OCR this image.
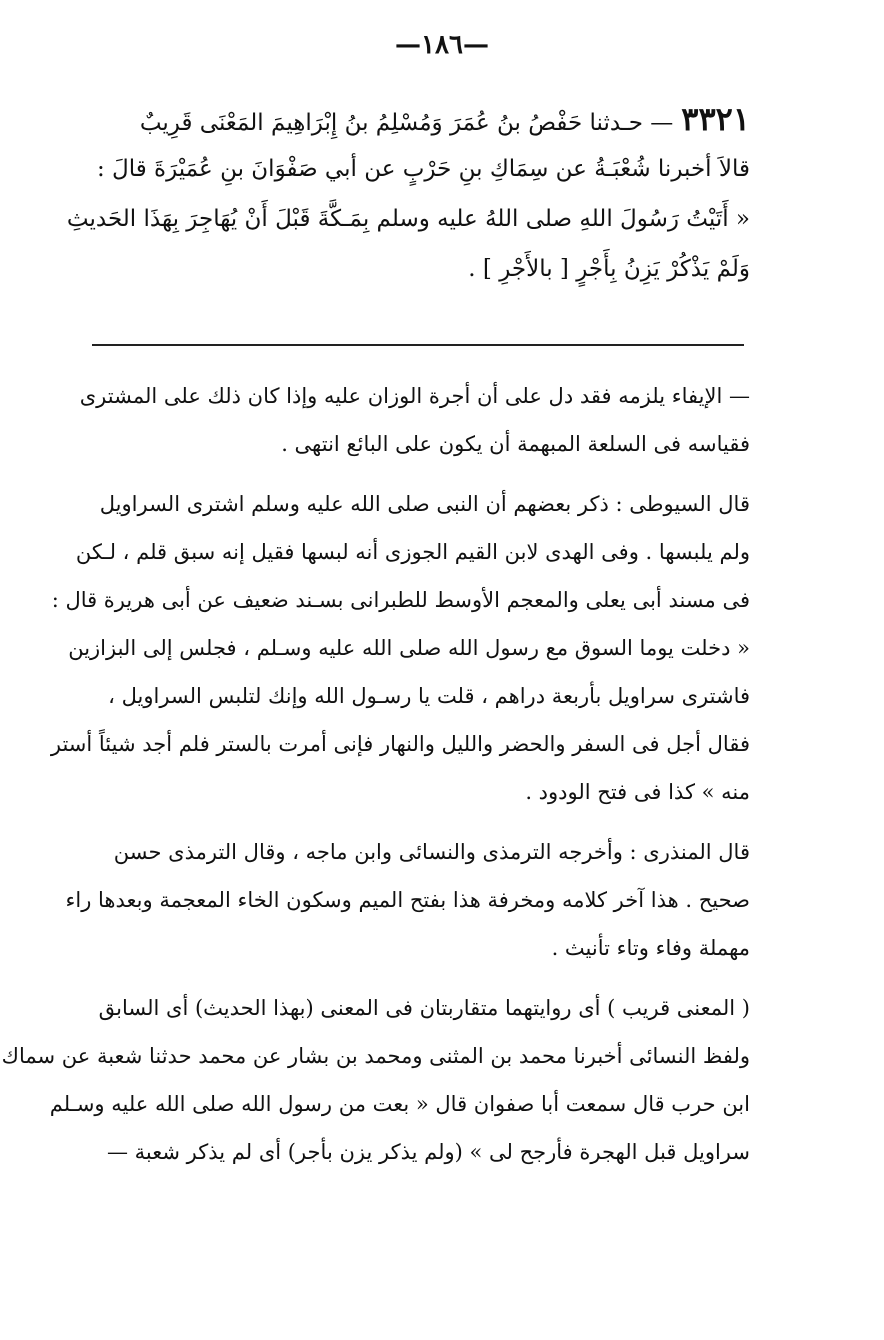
—١٨٦—
٣٣٢١— حـدثنا حَفْصُ بنُ عُمَرَ وَمُسْلِمُ بنُ إِبْرَاهِيمَ المَعْنَى قَرِيبٌ
قالاَ أخبرنا شُعْبَـةُ عن سِمَاكِ بنِ حَرْبٍ عن أبي صَفْوَانَ بنِ عُمَيْرَةَ قالَ :
« أَتَيْتُ رَسُولَ اللهِ صلى اللهُ عليه وسلم بِمَـكَّةَ قَبْلَ أَنْ يُهَاجِرَ بِهَذَا الحَديثِ
وَلَمْ يَذْكُرْ يَزِنُ بِأَجْرٍ [ بالأَجْرِ ] .
— الإيفاء يلزمه فقد دل على أن أجرة الوزان عليه وإذا كان ذلك على المشترى
فقياسه فى السلعة المبهمة أن يكون على البائع انتهى .
قال السيوطى : ذكر بعضهم أن النبى صلى الله عليه وسلم اشترى السراويل
ولم يلبسها . وفى الهدى لابن القيم الجوزى أنه لبسها فقيل إنه سبق قلم ، لـكن
فى مسند أبى يعلى والمعجم الأوسط للطبرانى بسـند ضعيف عن أبى هريرة قال :
« دخلت يوما السوق مع رسول الله صلى الله عليه وسـلم ، فجلس إلى البزازين
فاشترى سراويل بأربعة دراهم ، قلت يا رسـول الله وإنك لتلبس السراويل ،
فقال أجل فى السفر والحضر والليل والنهار فإنى أمرت بالستر فلم أجد شيئاً أستر
منه » كذا فى فتح الودود .
قال المنذرى : وأخرجه الترمذى والنسائى وابن ماجه ، وقال الترمذى حسن
صحيح . هذا آخر كلامه ومخرفة هذا بفتح الميم وسكون الخاء المعجمة وبعدها راء
مهملة وفاء وتاء تأنيث .
( المعنى قريب ) أى روايتهما متقاربتان فى المعنى (بهذا الحديث) أى السابق
ولفظ النسائى أخبرنا محمد بن المثنى ومحمد بن بشار عن محمد حدثنا شعبة عن سماك
ابن حرب قال سمعت أبا صفوان قال « بعت من رسول الله صلى الله عليه وسـلم
سراويل قبل الهجرة فأرجح لى » (ولم يذكر يزن بأجر) أى لم يذكر شعبة —
